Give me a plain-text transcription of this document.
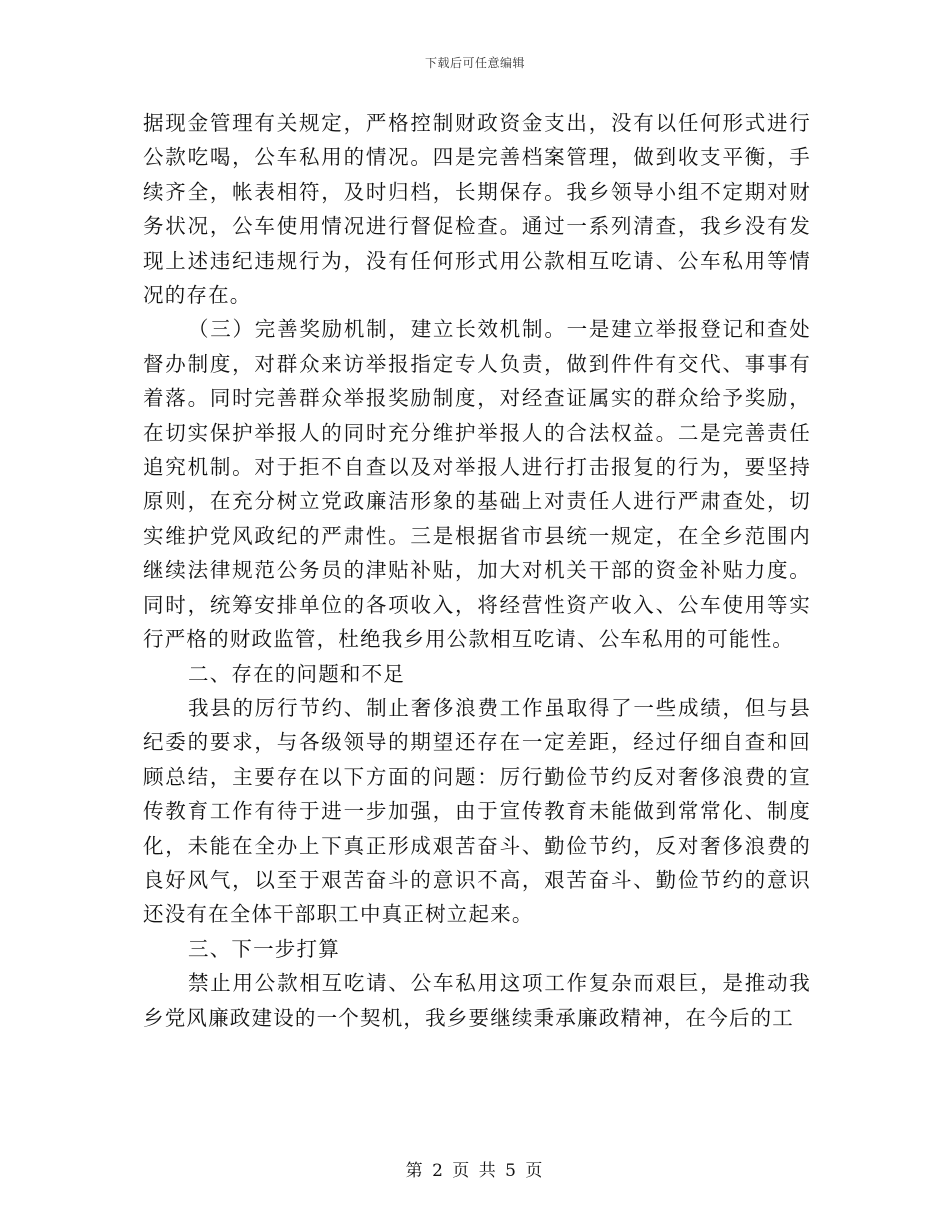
下载后可任意编辑

据现金管理有关规定，严格控制财政资金支出，没有以任何形式进行公款吃喝，公车私用的情况。四是完善档案管理，做到收支平衡，手续齐全，帐表相符，及时归档，长期保存。我乡领导小组不定期对财务状况，公车使用情况进行督促检查。通过一系列清查，我乡没有发现上述违纪违规行为，没有任何形式用公款相互吃请、公车私用等情况的存在。

（三）完善奖励机制，建立长效机制。一是建立举报登记和查处督办制度，对群众来访举报指定专人负责，做到件件有交代、事事有着落。同时完善群众举报奖励制度，对经查证属实的群众给予奖励，在切实保护举报人的同时充分维护举报人的合法权益。二是完善责任追究机制。对于拒不自查以及对举报人进行打击报复的行为，要坚持原则，在充分树立党政廉洁形象的基础上对责任人进行严肃查处，切实维护党风政纪的严肃性。三是根据省市县统一规定，在全乡范围内继续法律规范公务员的津贴补贴，加大对机关干部的资金补贴力度。同时，统筹安排单位的各项收入，将经营性资产收入、公车使用等实行严格的财政监管，杜绝我乡用公款相互吃请、公车私用的可能性。

二、存在的问题和不足

我县的厉行节约、制止奢侈浪费工作虽取得了一些成绩，但与县纪委的要求，与各级领导的期望还存在一定差距，经过仔细自查和回顾总结，主要存在以下方面的问题：厉行勤俭节约反对奢侈浪费的宣传教育工作有待于进一步加强，由于宣传教育未能做到常常化、制度化，未能在全办上下真正形成艰苦奋斗、勤俭节约，反对奢侈浪费的良好风气，以至于艰苦奋斗的意识不高，艰苦奋斗、勤俭节约的意识还没有在全体干部职工中真正树立起来。

三、下一步打算

禁止用公款相互吃请、公车私用这项工作复杂而艰巨，是推动我乡党风廉政建设的一个契机，我乡要继续秉承廉政精神，在今后的工

第 2 页 共 5 页
